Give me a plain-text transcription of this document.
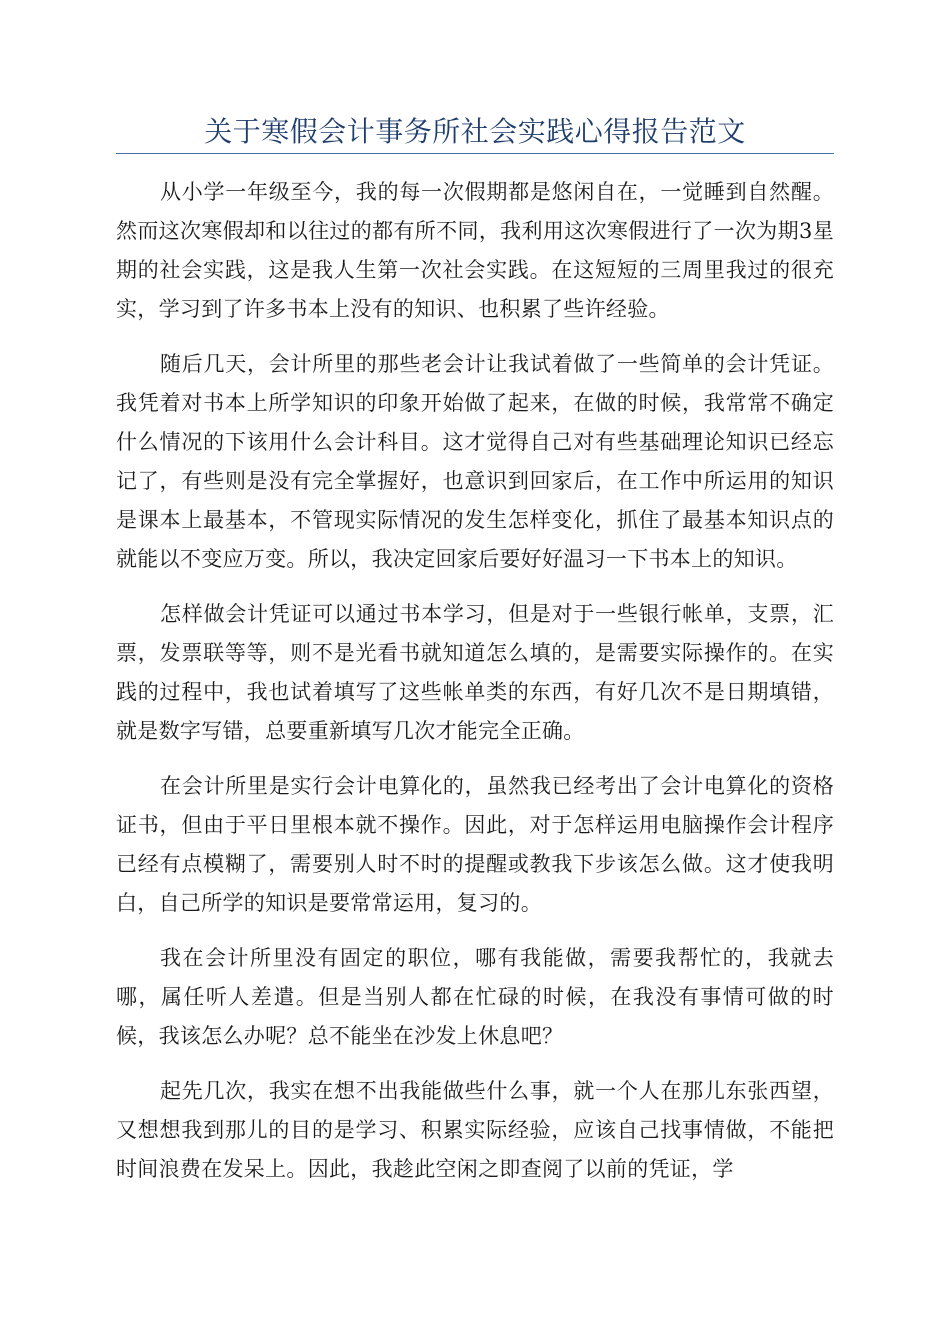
关于寒假会计事务所社会实践心得报告范文

从小学一年级至今，我的每一次假期都是悠闲自在，一觉睡到自然醒。然而这次寒假却和以往过的都有所不同，我利用这次寒假进行了一次为期3星期的社会实践，这是我人生第一次社会实践。在这短短的三周里我过的很充实，学习到了许多书本上没有的知识、也积累了些许经验。

随后几天，会计所里的那些老会计让我试着做了一些简单的会计凭证。我凭着对书本上所学知识的印象开始做了起来，在做的时候，我常常不确定什么情况的下该用什么会计科目。这才觉得自己对有些基础理论知识已经忘记了，有些则是没有完全掌握好，也意识到回家后，在工作中所运用的知识是课本上最基本，不管现实际情况的发生怎样变化，抓住了最基本知识点的就能以不变应万变。所以，我决定回家后要好好温习一下书本上的知识。

怎样做会计凭证可以通过书本学习，但是对于一些银行帐单，支票，汇票，发票联等等，则不是光看书就知道怎么填的，是需要实际操作的。在实践的过程中，我也试着填写了这些帐单类的东西，有好几次不是日期填错，就是数字写错，总要重新填写几次才能完全正确。

在会计所里是实行会计电算化的，虽然我已经考出了会计电算化的资格证书，但由于平日里根本就不操作。因此，对于怎样运用电脑操作会计程序已经有点模糊了，需要别人时不时的提醒或教我下步该怎么做。这才使我明白，自己所学的知识是要常常运用，复习的。

我在会计所里没有固定的职位，哪有我能做，需要我帮忙的，我就去哪，属任听人差遣。但是当别人都在忙碌的时候，在我没有事情可做的时候，我该怎么办呢？总不能坐在沙发上休息吧？

起先几次，我实在想不出我能做些什么事，就一个人在那儿东张西望，又想想我到那儿的目的是学习、积累实际经验，应该自己找事情做，不能把时间浪费在发呆上。因此，我趁此空闲之即查阅了以前的凭证，学
